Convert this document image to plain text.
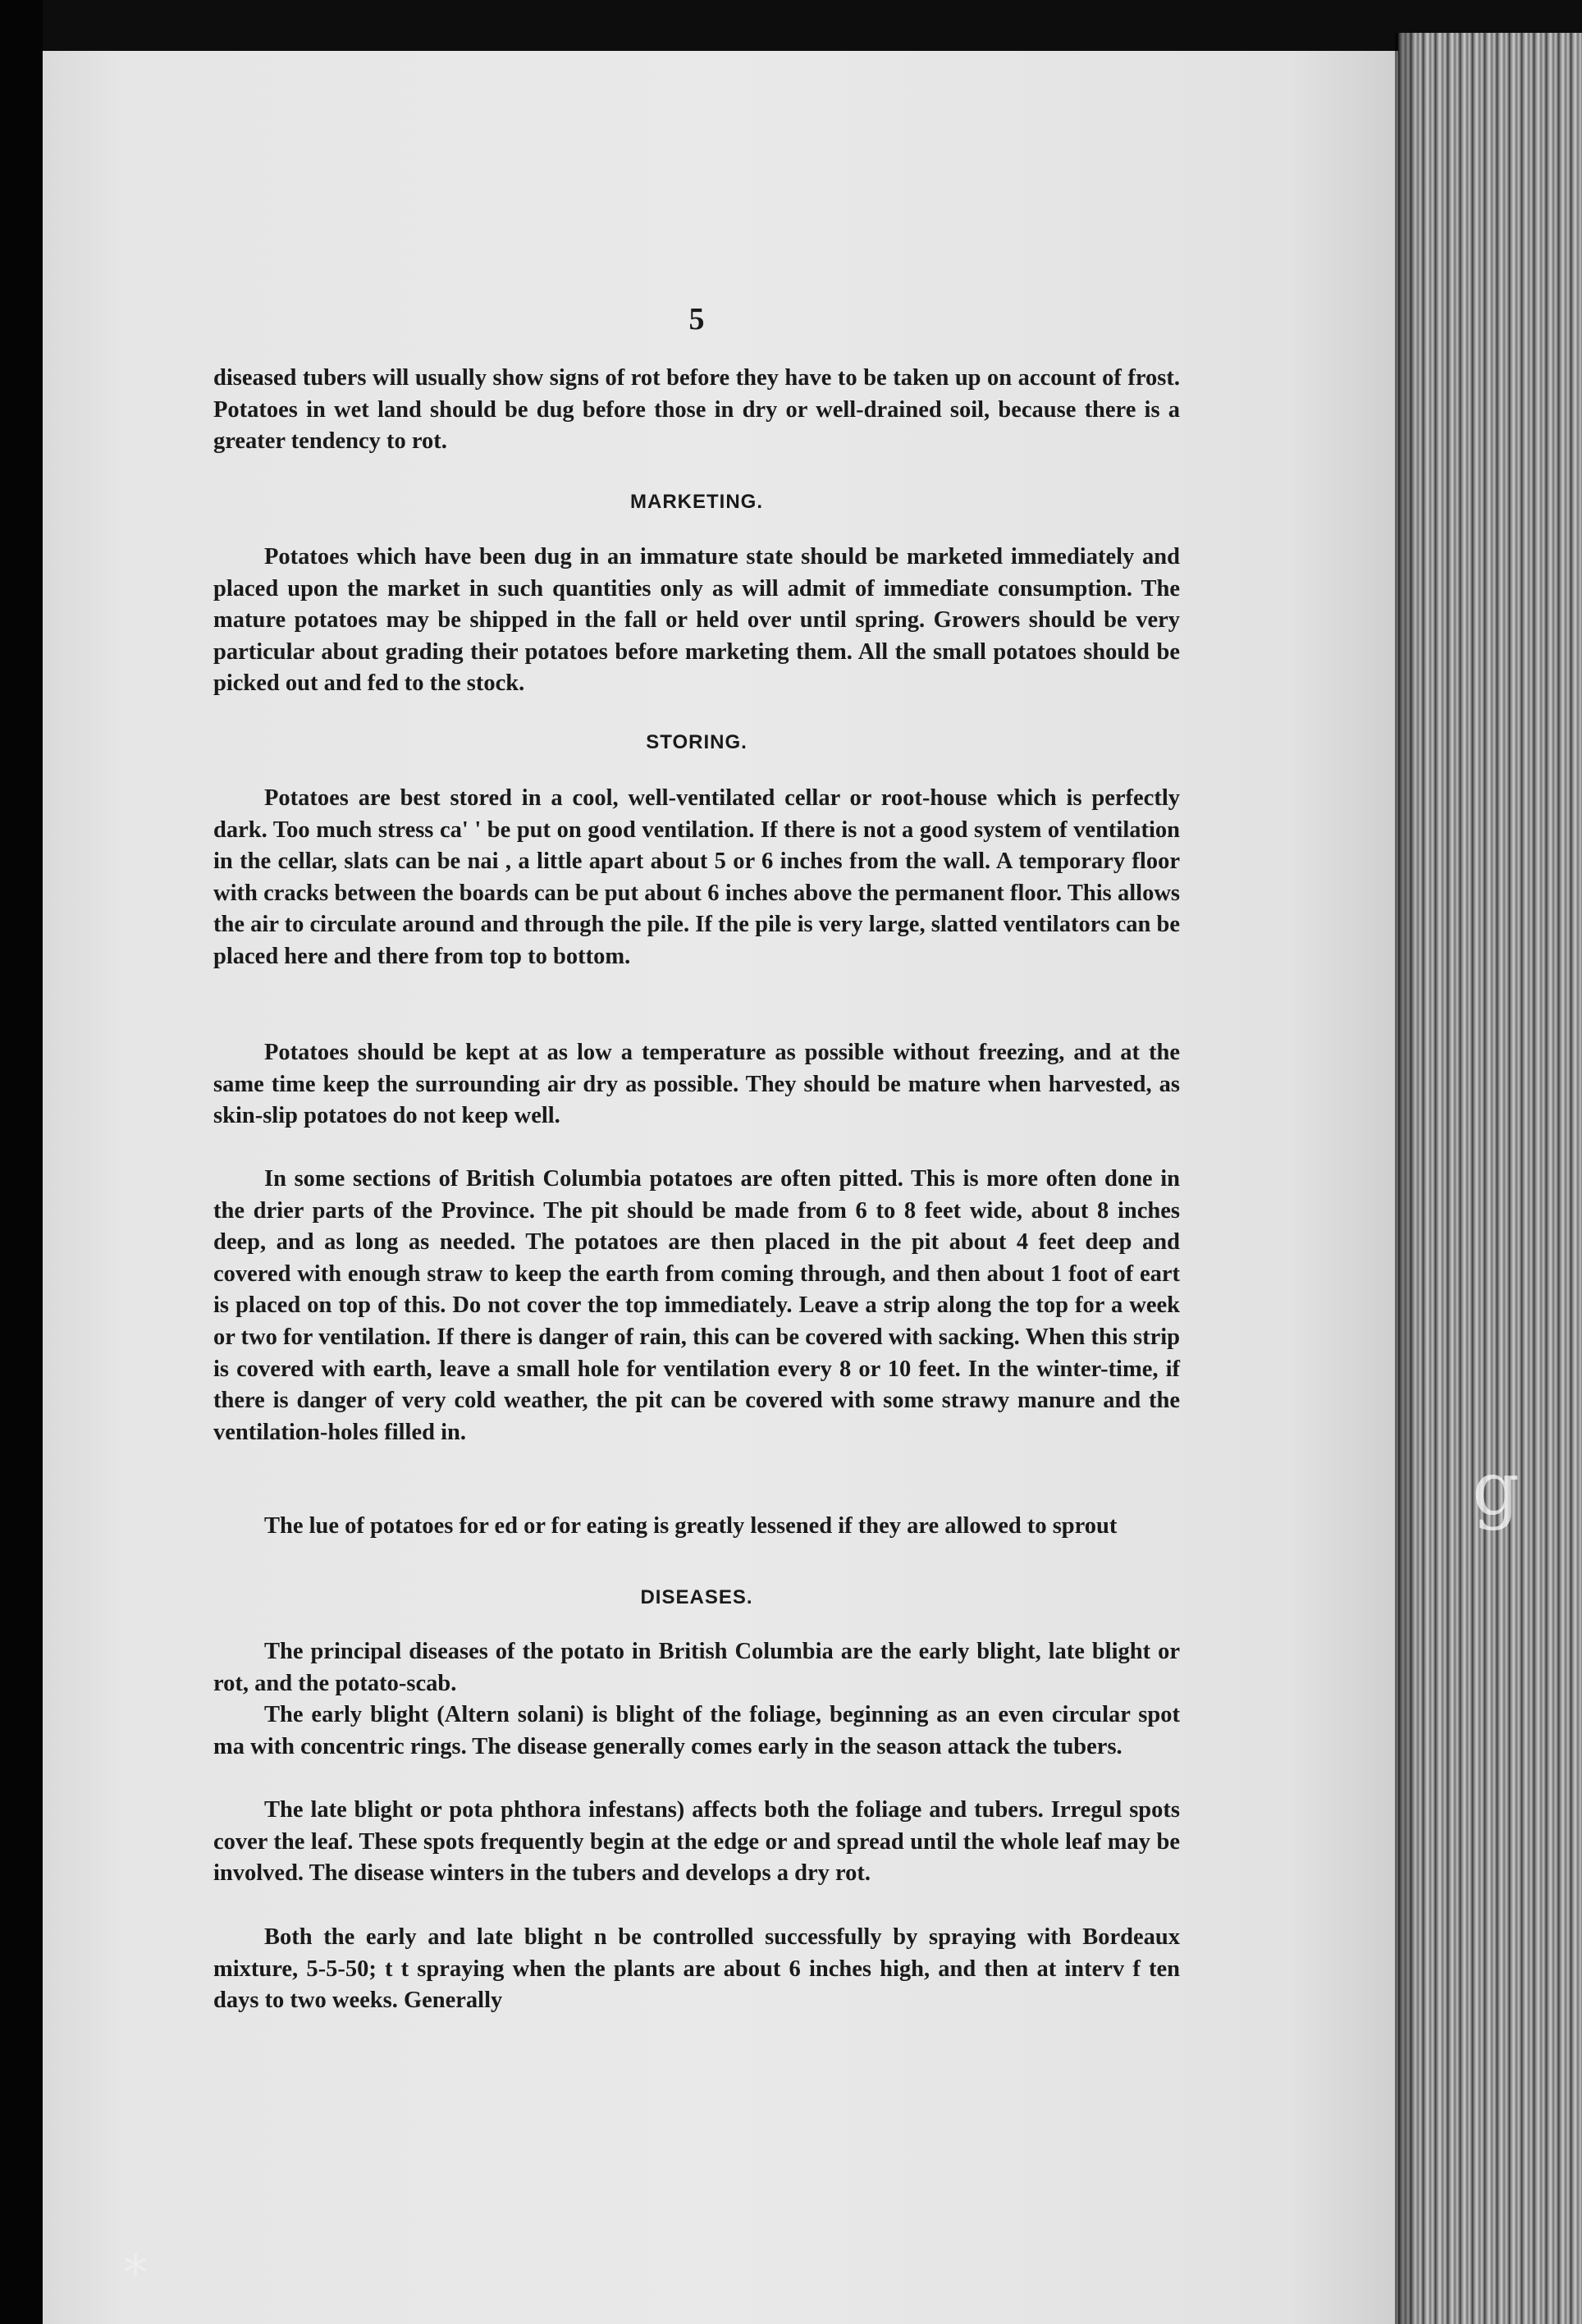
5

diseased tubers will usually show signs of rot before they have to be taken up on account of frost. Potatoes in wet land should be dug before those in dry or well-drained soil, because there is a greater tendency to rot.

MARKETING.

Potatoes which have been dug in an immature state should be marketed immediately and placed upon the market in such quantities only as will admit of immediate consumption. The mature potatoes may be shipped in the fall or held over until spring. Growers should be very particular about grading their potatoes before marketing them. All the small potatoes should be picked out and fed to the stock.

STORING.

Potatoes are best stored in a cool, well-ventilated cellar or root-house which is perfectly dark. Too much stress ca' ' be put on good ventilation. If there is not a good system of ventilation in the cellar, slats can be nai , a little apart about 5 or 6 inches from the wall. A temporary floor with cracks between the boards can be put about 6 inches above the permanent floor. This allows the air to circulate around and through the pile. If the pile is very large, slatted ventilators can be placed here and there from top to bottom.

Potatoes should be kept at as low a temperature as possible without freezing, and at the same time keep the surrounding air dry as possible. They should be mature when harvested, as skin-slip potatoes do not keep well.

In some sections of British Columbia potatoes are often pitted. This is more often done in the drier parts of the Province. The pit should be made from 6 to 8 feet wide, about 8 inches deep, and as long as needed. The potatoes are then placed in the pit about 4 feet deep and covered with enough straw to keep the earth from coming through, and then about 1 foot of eart is placed on top of this. Do not cover the top immediately. Leave a strip along the top for a week or two for ventilation. If there is danger of rain, this can be covered with sacking. When this strip is covered with earth, leave a small hole for ventilation every 8 or 10 feet. In the winter-time, if there is danger of very cold weather, the pit can be covered with some strawy manure and the ventilation-holes filled in.

The lue of potatoes for ed or for eating is greatly lessened if they are allowed to sprout

DISEASES.

The principal diseases of the potato in British Columbia are the early blight, late blight or rot, and the potato-scab.

The early blight (Altern solani) is blight of the foliage, beginning as an even circular spot ma with concentric rings. The disease generally comes early in the season attack the tubers.

The late blight or pota phthora infestans) affects both the foliage and tubers. Irregul spots cover the leaf. These spots frequently begin at the edge or and spread until the whole leaf may be involved. The disease winters in the tubers and develops a dry rot.

Both the early and late blight n be controlled successfully by spraying with Bordeaux mixture, 5-5-50; t t spraying when the plants are about 6 inches high, and then at interv f ten days to two weeks. Generally

g
*
